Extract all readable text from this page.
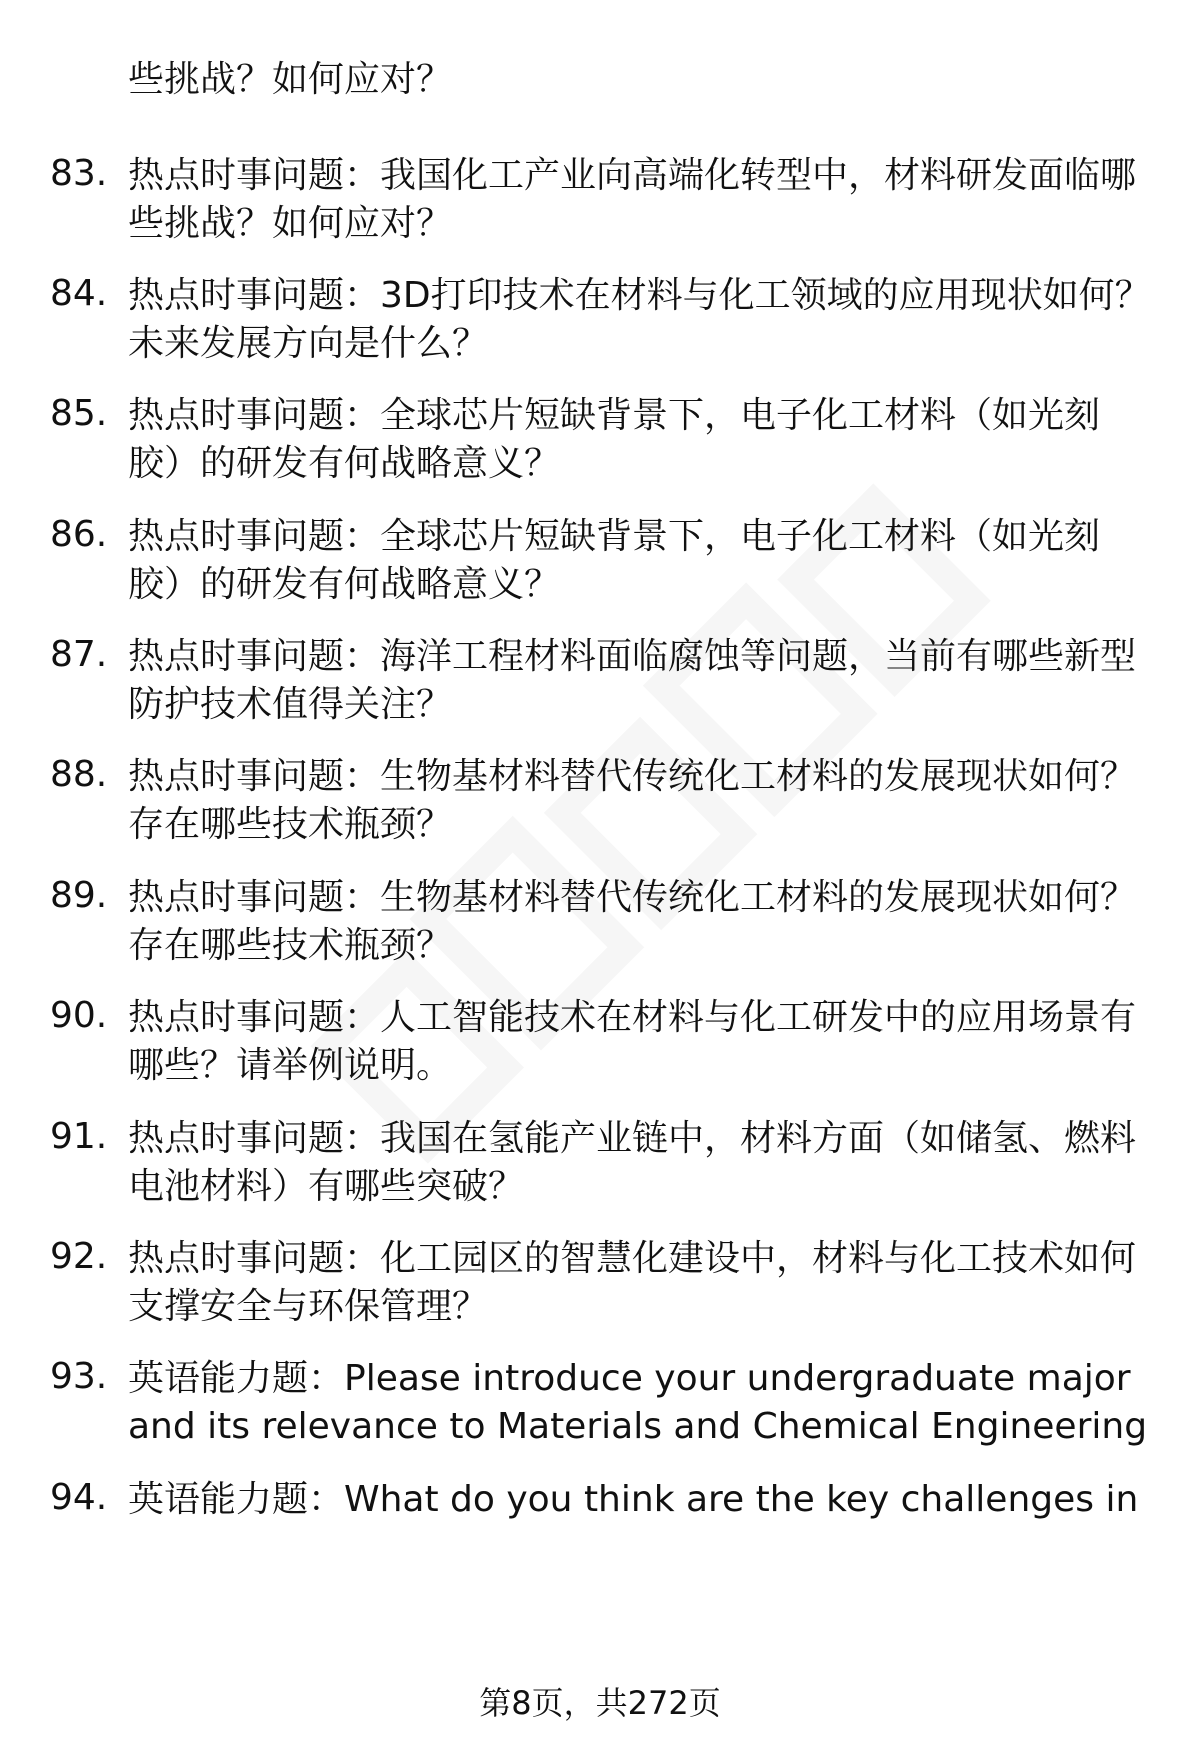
些挑战？如何应对？
83. 热点时事问题：我国化工产业向高端化转型中，材料研发面临哪
些挑战？如何应对？
84. 热点时事问题：3D打印技术在材料与化工领域的应用现状如何？
未来发展方向是什么？
85. 热点时事问题：全球芯片短缺背景下，电子化工材料（如光刻
胶）的研发有何战略意义？
86. 热点时事问题：全球芯片短缺背景下，电子化工材料（如光刻
胶）的研发有何战略意义？
87. 热点时事问题：海洋工程材料面临腐蚀等问题，当前有哪些新型
防护技术值得关注？
88. 热点时事问题：生物基材料替代传统化工材料的发展现状如何？
存在哪些技术瓶颈？
89. 热点时事问题：生物基材料替代传统化工材料的发展现状如何？
存在哪些技术瓶颈？
90. 热点时事问题：人工智能技术在材料与化工研发中的应用场景有
哪些？请举例说明。
91. 热点时事问题：我国在氢能产业链中，材料方面（如储氢、燃料
电池材料）有哪些突破？
92. 热点时事问题：化工园区的智慧化建设中，材料与化工技术如何
支撑安全与环保管理？
93. 英语能力题：Please introduce your undergraduate major
and its relevance to Materials and Chemical Engineering
94. 英语能力题：What do you think are the key challenges in
第8页，共272页
